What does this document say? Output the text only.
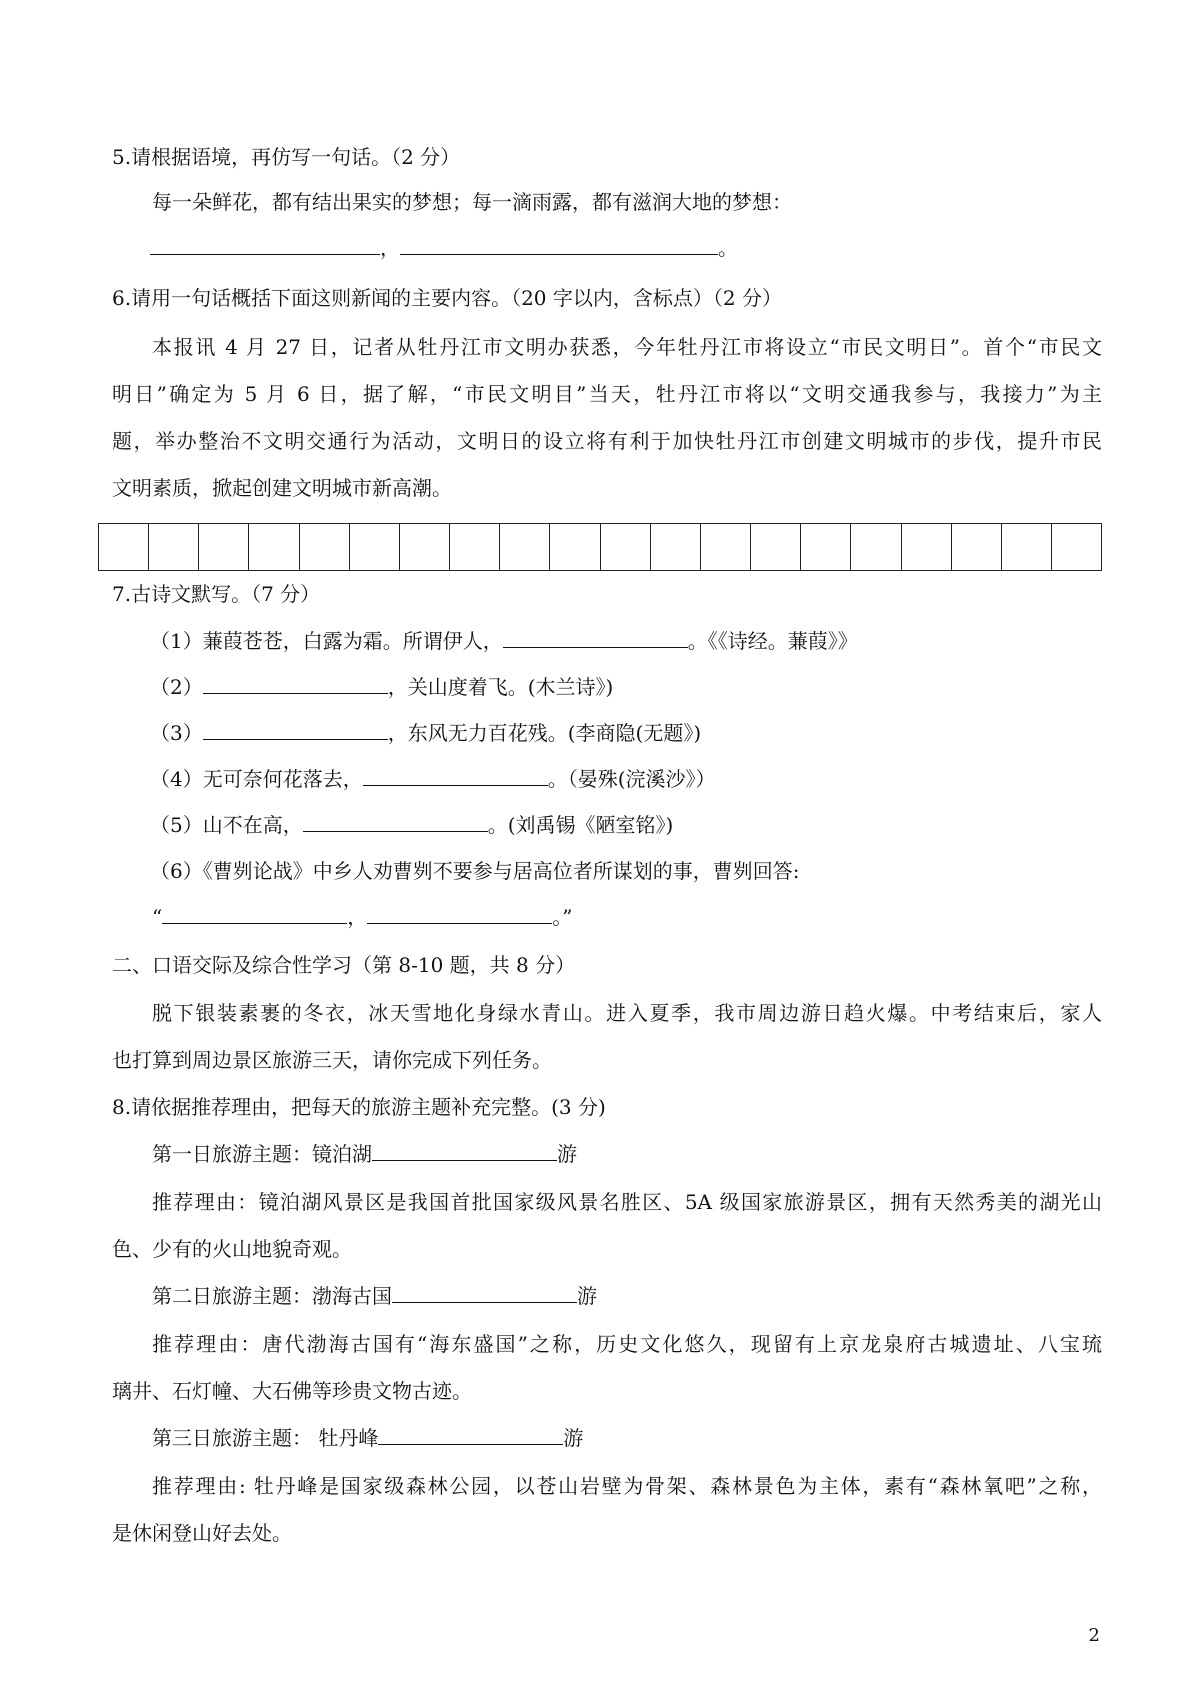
5.请根据语境，再仿写一句话。（2 分）
每一朵鲜花，都有结出果实的梦想；每一滴雨露，都有滋润大地的梦想：
，	。
6.请用一句话概括下面这则新闻的主要内容。（20 字以内，含标点）（2 分）
本报讯 4 月 27 日，记者从牡丹江市文明办获悉，今年牡丹江市将设立“市民文明日”。首个“市民文
明日”确定为 5 月 6 日，据了解，“市民文明目”当天，牡丹江市将以“文明交通我参与，我接力”为主
题，举办整治不文明交通行为活动，文明日的设立将有利于加快牡丹江市创建文明城市的步伐，提升市民
文明素质，掀起创建文明城市新高潮。
7.古诗文默写。（7 分）
（1）蒹葭苍苍，白露为霜。所谓伊人，	。《《诗经。蒹葭》》
（2）	，关山度着飞。(木兰诗》)
（3）	，东风无力百花残。(李商隐(无题》)
（4）无可奈何花落去，	。（晏殊(浣溪沙》）
（5）山不在高，	。(刘禹锡《陋室铭》)
（6）《曹刿论战》中乡人劝曹刿不要参与居高位者所谋划的事，曹刿回答:
“	，	。”
二、口语交际及综合性学习（第 8-10 题，共 8 分）
脱下银装素裹的冬衣，冰天雪地化身绿水青山。进入夏季，我市周边游日趋火爆。中考结束后，家人
也打算到周边景区旅游三天，请你完成下列任务。
8.请依据推荐理由，把每天的旅游主题补充完整。(3 分)
第一日旅游主题：镜泊湖	游
推荐理由：镜泊湖风景区是我国首批国家级风景名胜区、5A 级国家旅游景区，拥有天然秀美的湖光山
色、少有的火山地貌奇观。
第二日旅游主题：渤海古国	游
推荐理由：唐代渤海古国有“海东盛国”之称，历史文化悠久，现留有上京龙泉府古城遗址、八宝琉
璃井、石灯幢、大石佛等珍贵文物古迹。
第三日旅游主题： 牡丹峰	游
推荐理由: 牡丹峰是国家级森林公园，以苍山岩壁为骨架、森林景色为主体，素有“森林氧吧”之称，
是休闲登山好去处。
2
